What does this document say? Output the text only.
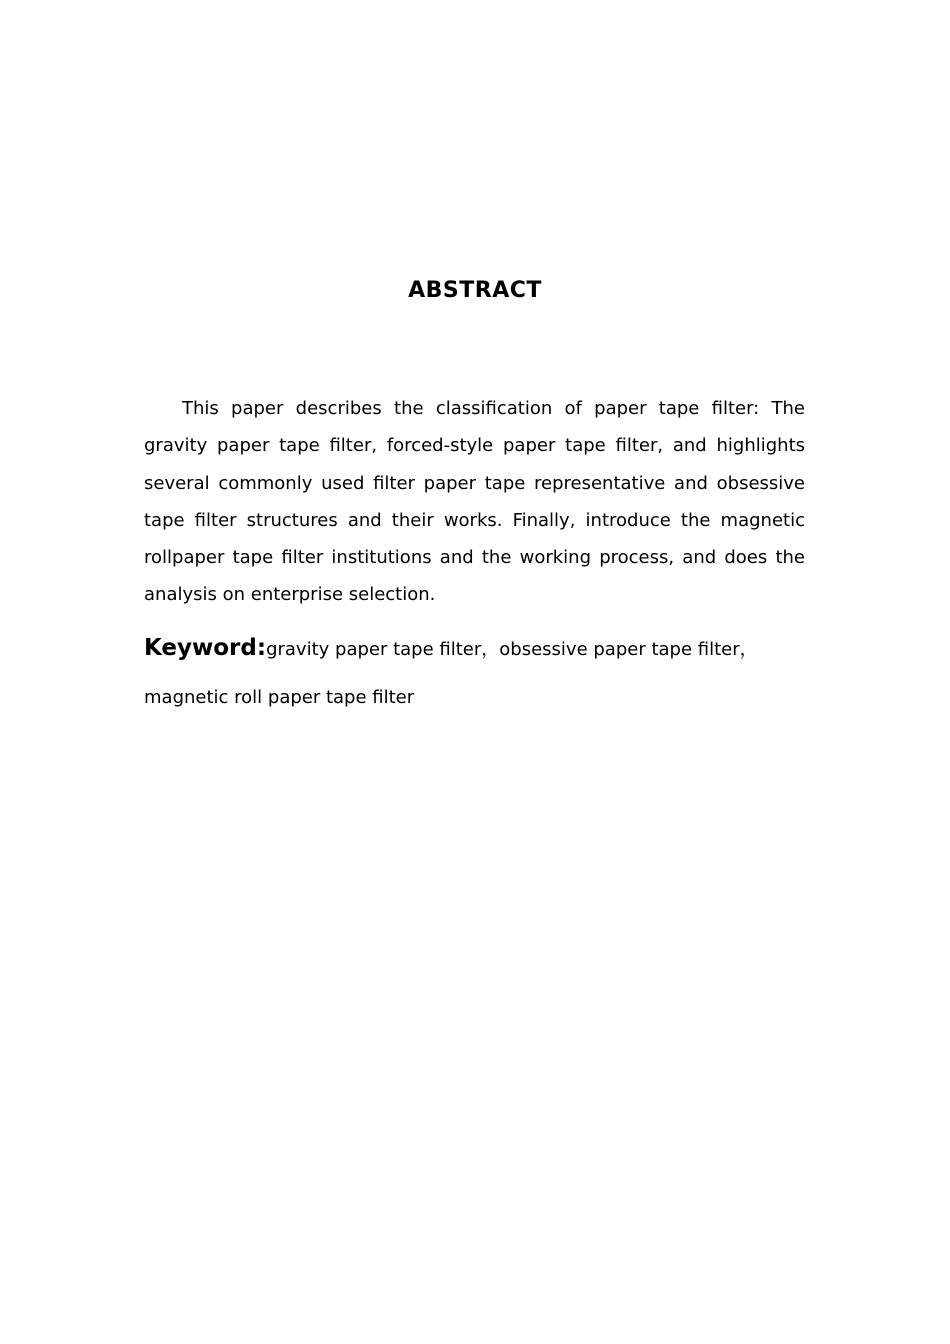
ABSTRACT

This paper describes the classification of paper tape filter: The gravity paper tape filter, forced-style paper tape filter, and highlights several commonly used filter paper tape representative and obsessive tape filter structures and their works. Finally, introduce the magnetic rollpaper tape filter institutions and the working process, and does the analysis on enterprise selection.

Keyword:gravity paper tape filter，obsessive paper tape filter，magnetic roll paper tape filter
